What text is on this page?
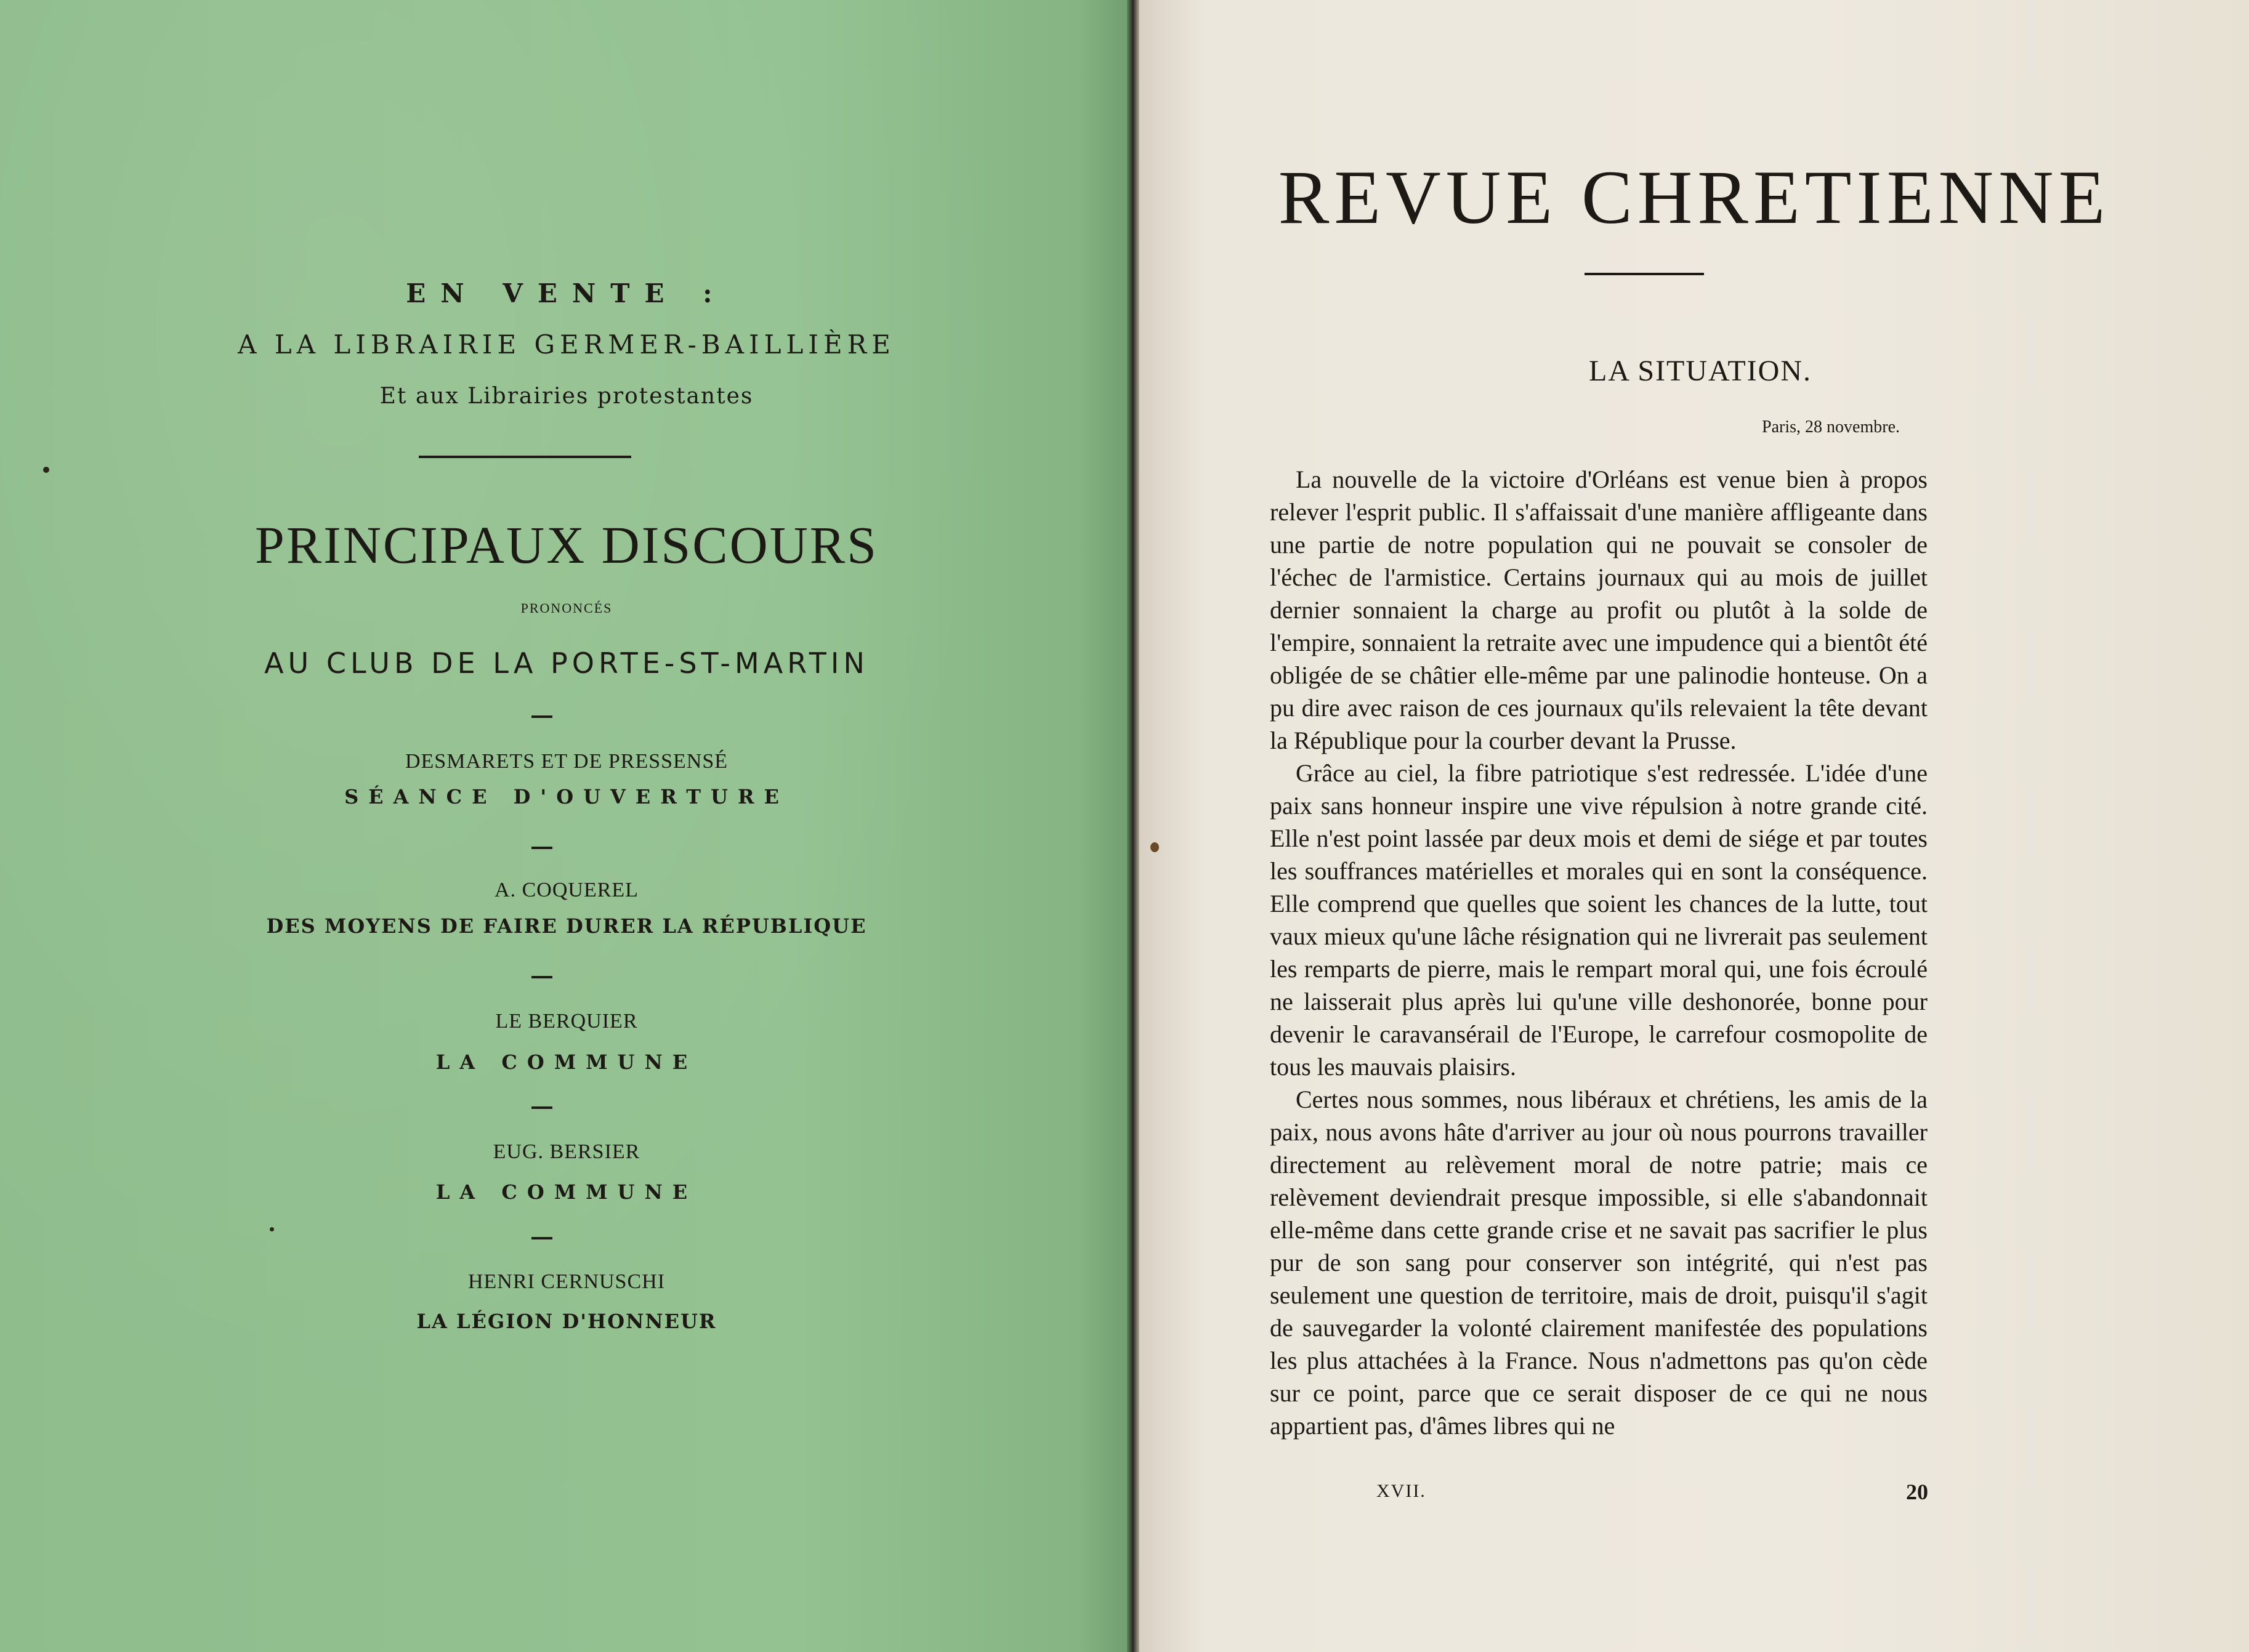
EN VENTE :
A LA LIBRAIRIE GERMER-BAILLIÈRE
Et aux Librairies protestantes
PRINCIPAUX DISCOURS
PRONONCÉS
AU CLUB DE LA PORTE-ST-MARTIN
DESMARETS ET DE PRESSENSÉ
SÉANCE D'OUVERTURE
A. COQUEREL
DES MOYENS DE FAIRE DURER LA RÉPUBLIQUE
LE BERQUIER
LA COMMUNE
EUG. BERSIER
LA COMMUNE
HENRI CERNUSCHI
LA LÉGION D'HONNEUR
REVUE CHRETIENNE
LA SITUATION.
Paris, 28 novembre.

La nouvelle de la victoire d'Orléans est venue bien à propos relever l'esprit public. Il s'affaissait d'une manière affligeante dans une partie de notre population qui ne pouvait se consoler de l'échec de l'armistice. Certains journaux qui au mois de juillet dernier sonnaient la charge au profit ou plutôt à la solde de l'empire, sonnaient la retraite avec une impudence qui a bientôt été obligée de se châtier elle-même par une palinodie honteuse. On a pu dire avec raison de ces journaux qu'ils relevaient la tête devant la République pour la courber devant la Prusse.

Grâce au ciel, la fibre patriotique s'est redressée. L'idée d'une paix sans honneur inspire une vive répulsion à notre grande cité. Elle n'est point lassée par deux mois et demi de siége et par toutes les souffrances matérielles et morales qui en sont la conséquence. Elle comprend que quelles que soient les chances de la lutte, tout vaux mieux qu'une lâche résignation qui ne livrerait pas seulement les remparts de pierre, mais le rempart moral qui, une fois écroulé ne laisserait plus après lui qu'une ville deshonorée, bonne pour devenir le caravansérail de l'Europe, le carrefour cosmopolite de tous les mauvais plaisirs.

Certes nous sommes, nous libéraux et chrétiens, les amis de la paix, nous avons hâte d'arriver au jour où nous pourrons travailler directement au relèvement moral de notre patrie; mais ce relèvement deviendrait presque impossible, si elle s'abandonnait elle-même dans cette grande crise et ne savait pas sacrifier le plus pur de son sang pour conserver son intégrité, qui n'est pas seulement une question de territoire, mais de droit, puisqu'il s'agit de sauvegarder la volonté clairement manifestée des populations les plus attachées à la France. Nous n'admettons pas qu'on cède sur ce point, parce que ce serait disposer de ce qui ne nous appartient pas, d'âmes libres qui ne

XVII.	20
